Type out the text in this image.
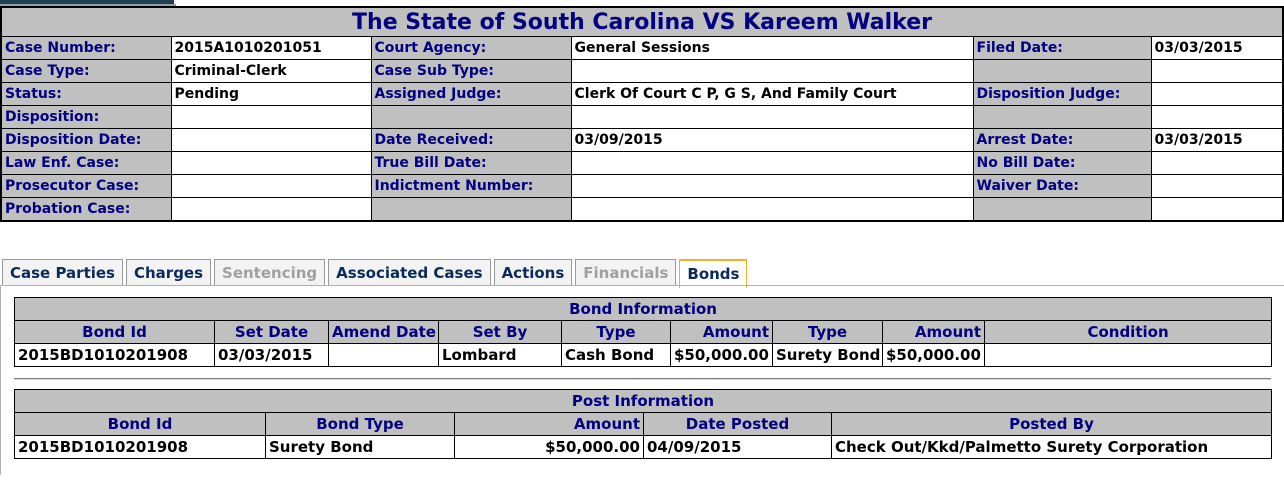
The State of South Carolina VS Kareem Walker					
Case Number:	2015A1010201051	Court Agency:	General Sessions	Filed Date:	03/03/2015
Case Type:	Criminal-Clerk	Case Sub Type:			
Status:	Pending	Assigned Judge:	Clerk Of Court C P, G S, And Family Court	Disposition Judge:	
Disposition:					
Disposition Date:		Date Received:	03/09/2015	Arrest Date:	03/03/2015
Law Enf. Case:		True Bill Date:		No Bill Date:	
Prosecutor Case:		Indictment Number:		Waiver Date:	
Probation Case:					
Case Parties	Charges	Sentencing	Associated Cases	Actions	Financials	Bonds
Bond Information								
Bond Id	Set Date	Amend Date	Set By	Type	Amount	Type	Amount	Condition
2015BD1010201908	03/03/2015		Lombard	Cash Bond	$50,000.00	Surety Bond	$50,000.00	
Post Information				
Bond Id	Bond Type	Amount	Date Posted	Posted By
2015BD1010201908	Surety Bond	$50,000.00	04/09/2015	Check Out/Kkd/Palmetto Surety Corporation
